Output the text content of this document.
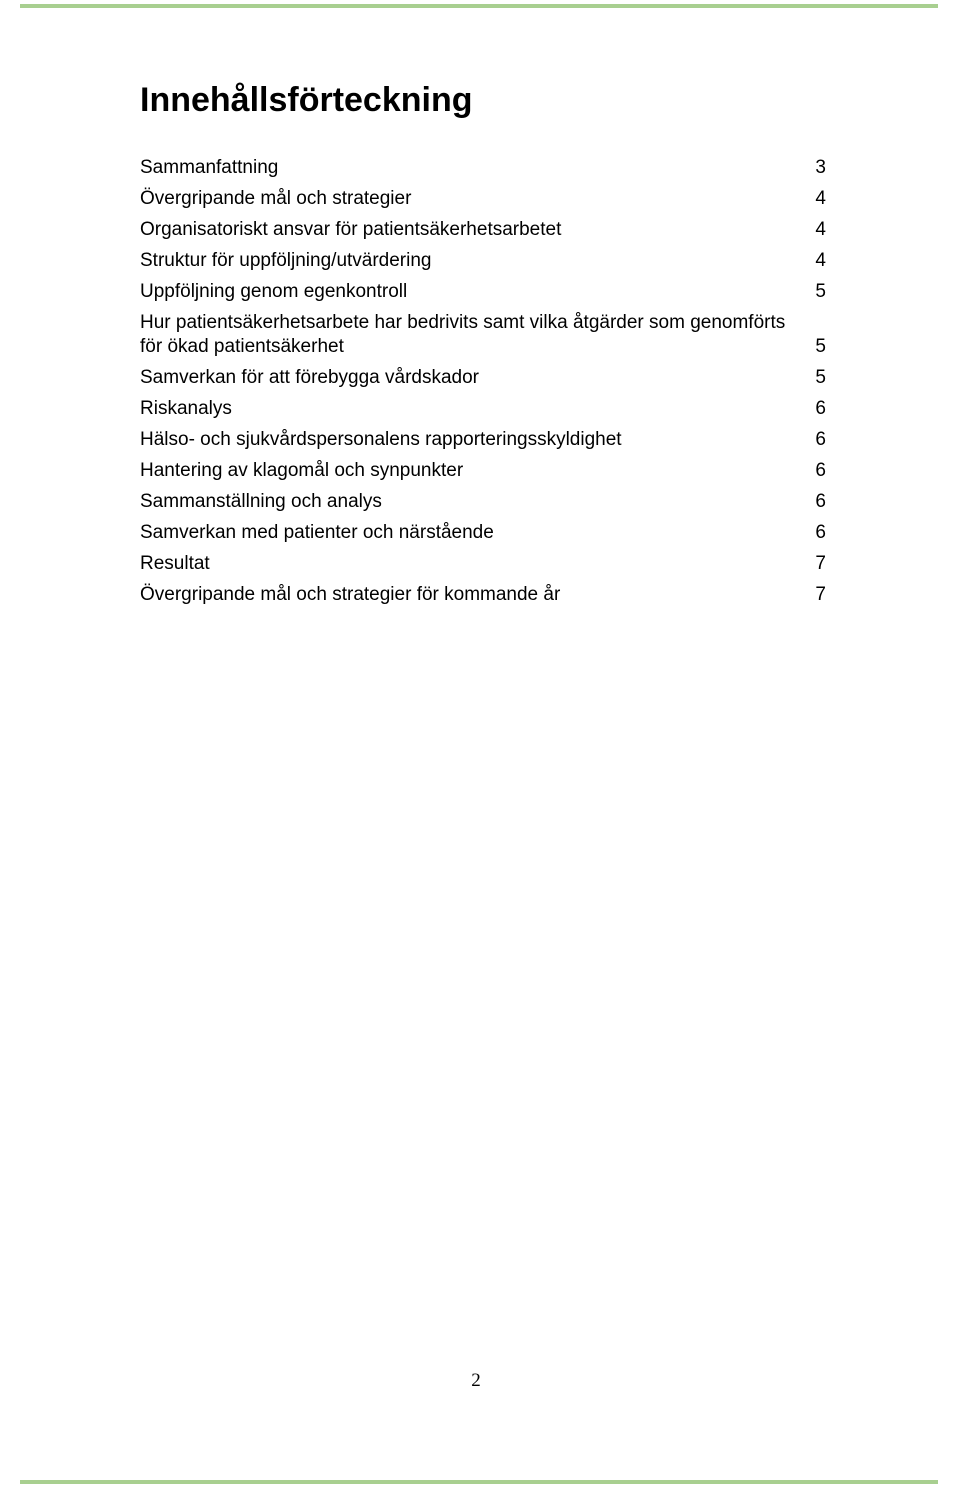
Innehållsförteckning
Sammanfattning	3
Övergripande mål och strategier	4
Organisatoriskt ansvar för patientsäkerhetsarbetet	4
Struktur för uppföljning/utvärdering	4
Uppföljning genom egenkontroll	5
Hur patientsäkerhetsarbete har bedrivits samt vilka åtgärder som genomförts för ökad patientsäkerhet	5
Samverkan för att förebygga vårdskador	5
Riskanalys	6
Hälso- och sjukvårdspersonalens rapporteringsskyldighet	6
Hantering av klagomål och synpunkter	6
Sammanställning och analys	6
Samverkan med patienter och närstående	6
Resultat	7
Övergripande mål och strategier för kommande år	7
2
